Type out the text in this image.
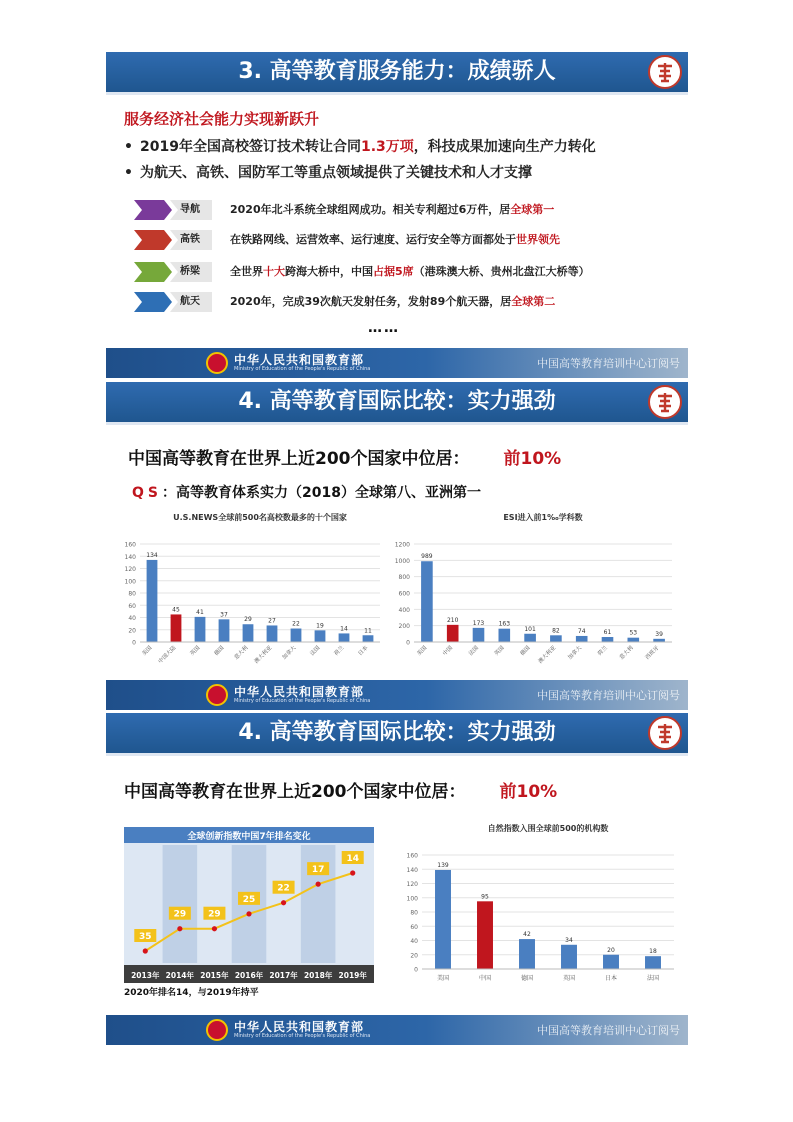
3. 高等教育服务能力：成绩骄人
服务经济社会能力实现新跃升
• 2019年全国高校签订技术转让合同1.3万项，科技成果加速向生产力转化
• 为航天、高铁、国防军工等重点领域提供了关键技术和人才支撑
导航	2020年北斗系统全球组网成功。相关专利超过6万件，居全球第一
高铁	在铁路网线、运营效率、运行速度、运行安全等方面都处于世界领先
桥梁	全世界十大跨海大桥中，中国占据5席（港珠澳大桥、贵州北盘江大桥等）
航天	2020年，完成39次航天发射任务，发射89个航天器，居全球第二
……
中华人民共和国教育部
Ministry of Education of the People's Republic of China	中国高等教育培训中心订阅号
4. 高等教育国际比较：实力强劲
中国高等教育在世界上近200个国家中位居： 前10%
QS：高等教育体系实力（2018）全球第八、亚洲第一
U.S.NEWS全球前500名高校数最多的十个国家
0
20
40
60
80
100
120
140
160
134
美国
45
中国大陆
41
英国
37
德国
29
意大利
27
澳大利亚
22
加拿大
19
法国
14
荷兰
11
日本
ESI进入前1‰学科数
0
200
400
600
800
1000
1200
989
美国
210
中国
173
法国
163
英国
101
德国
82
澳大利亚
74
加拿大
61
荷兰
53
意大利
39
西班牙
中华人民共和国教育部
Ministry of Education of the People's Republic of China	中国高等教育培训中心订阅号
4. 高等教育国际比较：实力强劲
中国高等教育在世界上近200个国家中位居： 前10%
全球创新指数中国7年排名变化
35
2013年
29
2014年
29
2015年
25
2016年
22
2017年
17
2018年
14
2019年
2020年排名14，与2019年持平
自然指数入围全球前500的机构数
0
20
40
60
80
100
120
140
160
139
美国
95
中国
42
德国
34
英国
20
日本
18
法国
中华人民共和国教育部
Ministry of Education of the People's Republic of China	中国高等教育培训中心订阅号
